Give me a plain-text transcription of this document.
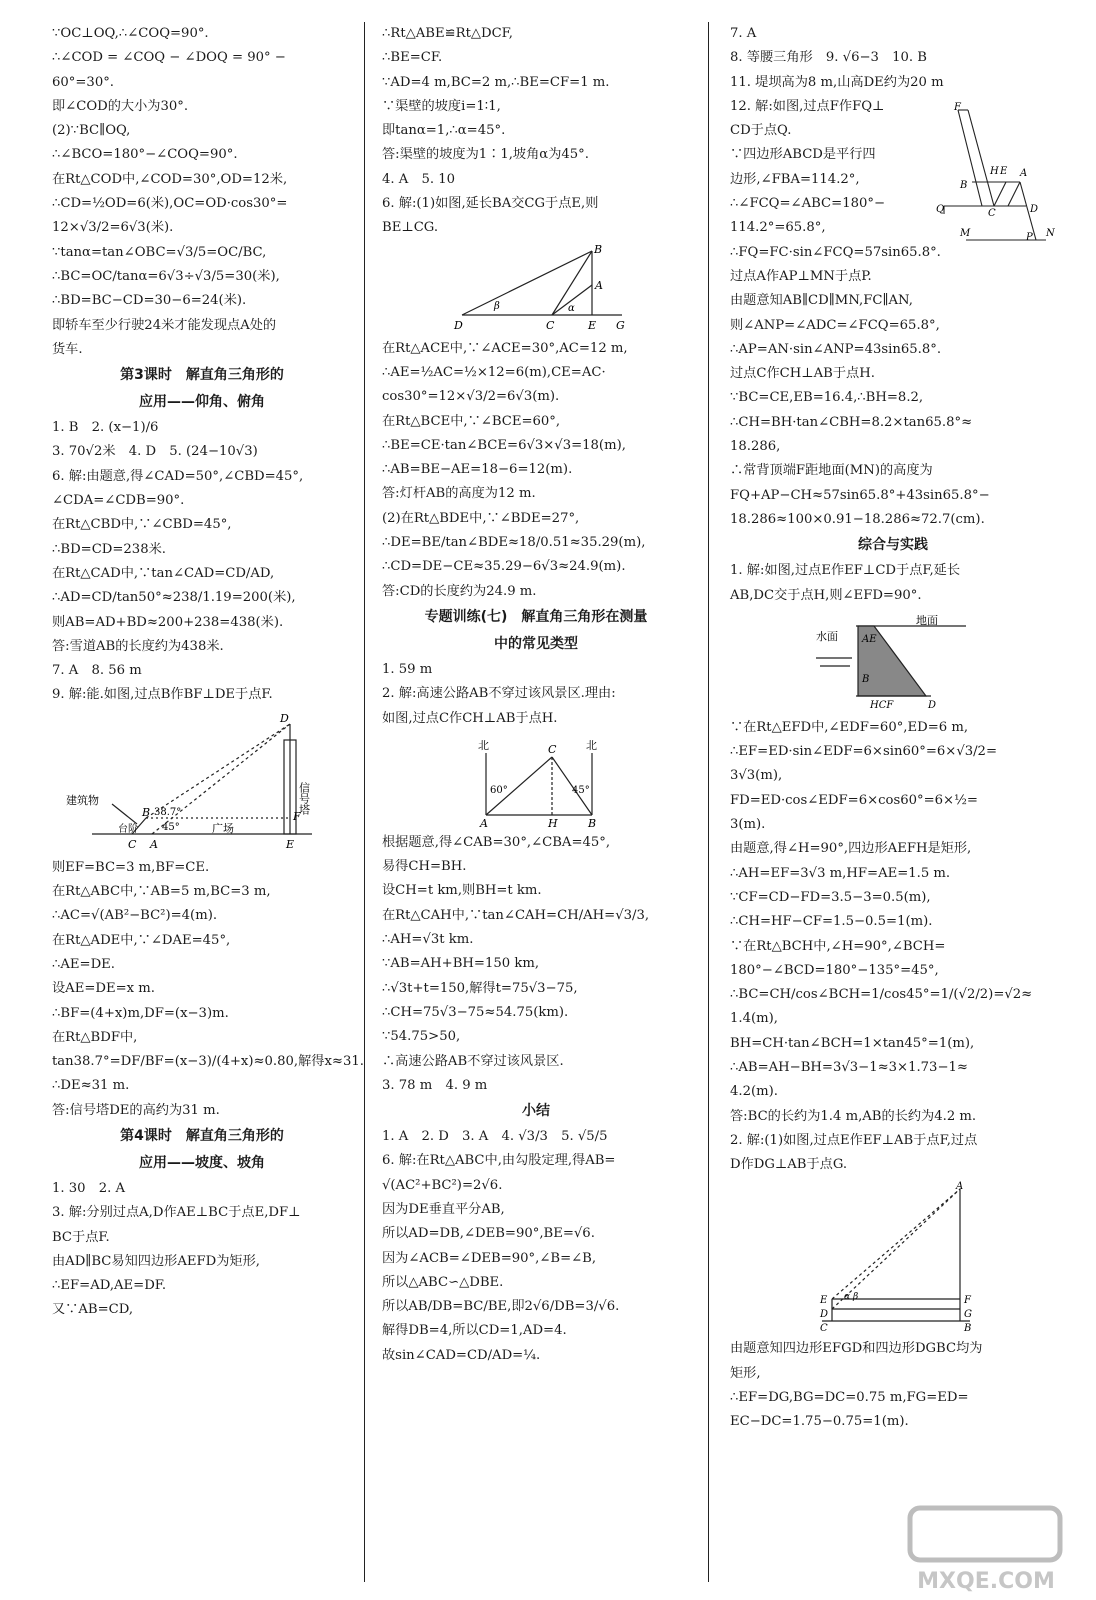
∵OC⊥OQ,∴∠COQ=90°.
∴∠COD = ∠COQ − ∠DOQ = 90° −
60°=30°.
即∠COD的大小为30°.
(2)∵BC∥OQ,
∴∠BCO=180°−∠COQ=90°.
在Rt△COD中,∠COD=30°,OD=12米,
∴CD=½OD=6(米),OC=OD·cos30°=
12×√3/2=6√3(米).
∵tanα=tan∠OBC=√3/5=OC/BC,
∴BC=OC/tanα=6√3÷√3/5=30(米),
∴BD=BC−CD=30−6=24(米).
即轿车至少行驶24米才能发现点A处的
货车.
第3课时　解直角三角形的
应用——仰角、俯角
1. B　2. (x−1)/6
3. 70√2米　4. D　5. (24−10√3)
6. 解:由题意,得∠CAD=50°,∠CBD=45°,
∠CDA=∠CDB=90°.
在Rt△CBD中,∵∠CBD=45°,
∴BD=CD=238米.
在Rt△CAD中,∵tan∠CAD=CD/AD,
∴AD=CD/tan50°≈238/1.19=200(米),
则AB=AD+BD≈200+238=438(米).
答:雪道AB的长度约为438米.
7. A　8. 56 m
9. 解:能.如图,过点B作BF⊥DE于点F.
D
F
E
B
C A
建筑物	信号塔
广场
台阶
38.7°
45°
则EF=BC=3 m,BF=CE.
在Rt△ABC中,∵AB=5 m,BC=3 m,
∴AC=√(AB²−BC²)=4(m).
在Rt△ADE中,∵∠DAE=45°,
∴AE=DE.
设AE=DE=x m.
∴BF=(4+x)m,DF=(x−3)m.
在Rt△BDF中,
tan38.7°=DF/BF=(x−3)/(4+x)≈0.80,解得x≈31.
∴DE≈31 m.
答:信号塔DE的高约为31 m.
第4课时　解直角三角形的
应用——坡度、坡角
1. 30　2. A
3. 解:分别过点A,D作AE⊥BC于点E,DF⊥
BC于点F.
由AD∥BC易知四边形AEFD为矩形,
∴EF=AD,AE=DF.
又∵AB=CD,
∴Rt△ABE≌Rt△DCF,
∴BE=CF.
∵AD=4 m,BC=2 m,∴BE=CF=1 m.
∵渠壁的坡度i=1∶1,
即tanα=1,∴α=45°.
答:渠壁的坡度为1∶1,坡角α为45°.
4. A　5. 10
6. 解:(1)如图,延长BA交CG于点E,则
BE⊥CG.
D	C	E G
B
A
β	α
在Rt△ACE中,∵∠ACE=30°,AC=12 m,
∴AE=½AC=½×12=6(m),CE=AC·
cos30°=12×√3/2=6√3(m).
在Rt△BCE中,∵∠BCE=60°,
∴BE=CE·tan∠BCE=6√3×√3=18(m),
∴AB=BE−AE=18−6=12(m).
答:灯杆AB的高度为12 m.
(2)在Rt△BDE中,∵∠BDE=27°,
∴DE=BE/tan∠BDE≈18/0.51≈35.29(m),
∴CD=DE−CE≈35.29−6√3≈24.9(m).
答:CD的长度约为24.9 m.
专题训练(七)　解直角三角形在测量
中的常见类型
1. 59 m
2. 解:高速公路AB不穿过该风景区.理由:
如图,过点C作CH⊥AB于点H.
北	北
60°	45°
C
A	H	B
根据题意,得∠CAB=30°,∠CBA=45°,
易得CH=BH.
设CH=t km,则BH=t km.
在Rt△CAH中,∵tan∠CAH=CH/AH=√3/3,
∴AH=√3t km.
∵AB=AH+BH=150 km,
∴√3t+t=150,解得t=75√3−75,
∴CH=75√3−75≈54.75(km).
∵54.75>50,
∴高速公路AB不穿过该风景区.
3. 78 m　4. 9 m
小结
1. A　2. D　3. A　4. √3/3　5. √5/5
6. 解:在Rt△ABC中,由勾股定理,得AB=
√(AC²+BC²)=2√6.
因为DE垂直平分AB,
所以AD=DB,∠DEB=90°,BE=√6.
因为∠ACB=∠DEB=90°,∠B=∠B,
所以△ABC∽△DBE.
所以AB/DB=BC/BE,即2√6/DB=3/√6.
解得DB=4,所以CD=1,AD=4.
故sin∠CAD=CD/AD=¼.
7. A
8. 等腰三角形　9. √6−3　10. B
11. 堤坝高为8 m,山高DE约为20 m
12. 解:如图,过点F作FQ⊥
CD于点Q.
∵四边形ABCD是平行四
边形,∠FBA=114.2°,
∴∠FCQ=∠ABC=180°−
114.2°=65.8°,
∴FQ=FC·sin∠FCQ=57sin65.8°.
过点A作AP⊥MN于点P.
由题意知AB∥CD∥MN,FC∥AN,
则∠ANP=∠ADC=∠FCQ=65.8°,
∴AP=AN·sin∠ANP=43sin65.8°.
过点C作CH⊥AB于点H.
∵BC=CE,EB=16.4,∴BH=8.2,
∴CH=BH·tan∠CBH=8.2×tan65.8°≈
18.286,
∴常背顶端F距地面(MN)的高度为
FQ+AP−CH≈57sin65.8°+43sin65.8°−
18.286≈100×0.91−18.286≈72.7(cm).
F
B
H E A
Q	C	D
M	P N
综合与实践
1. 解:如图,过点E作EF⊥CD于点F,延长
AB,DC交于点H,则∠EFD=90°.
水面
地面
AE
B
D
HCF
∵在Rt△EFD中,∠EDF=60°,ED=6 m,
∴EF=ED·sin∠EDF=6×sin60°=6×√3/2=
3√3(m),
FD=ED·cos∠EDF=6×cos60°=6×½=
3(m).
由题意,得∠H=90°,四边形AEFH是矩形,
∴AH=EF=3√3 m,HF=AE=1.5 m.
∵CF=CD−FD=3.5−3=0.5(m),
∴CH=HF−CF=1.5−0.5=1(m).
∵在Rt△BCH中,∠H=90°,∠BCH=
180°−∠BCD=180°−135°=45°,
∴BC=CH/cos∠BCH=1/cos45°=1/(√2/2)=√2≈
1.4(m),
BH=CH·tan∠BCH=1×tan45°=1(m),
∴AB=AH−BH=3√3−1≈3×1.73−1≈
4.2(m).
答:BC的长约为1.4 m,AB的长约为4.2 m.
2. 解:(1)如图,过点E作EF⊥AB于点F,过点
D作DG⊥AB于点G.
A
F
G
E
D
C	B
α β
由题意知四边形EFGD和四边形DGBC均为
矩形,
∴EF=DG,BG=DC=0.75 m,FG=ED=
EC−DC=1.75−0.75=1(m).
MXQE.COM
